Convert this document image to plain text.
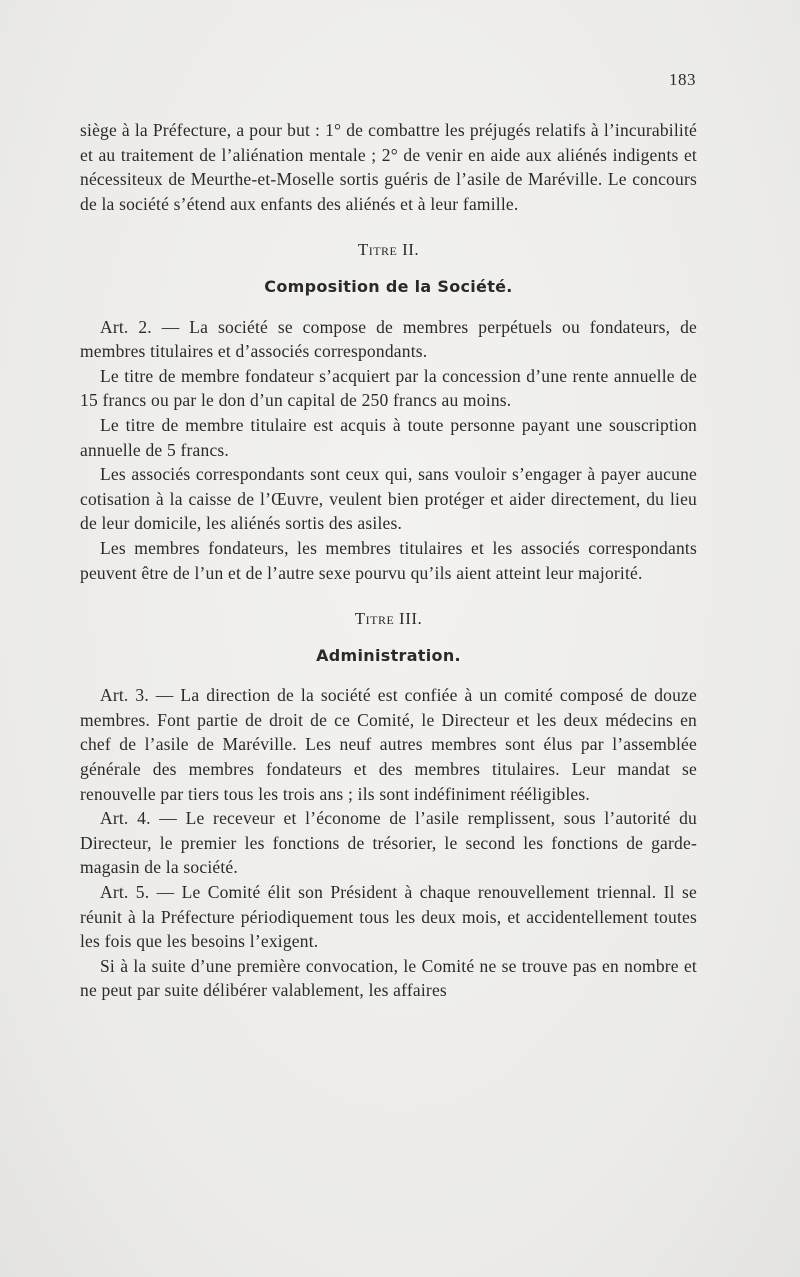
183

siège à la Préfecture, a pour but : 1° de combattre les préjugés relatifs à l’incurabilité et au traitement de l’aliénation mentale ; 2° de venir en aide aux aliénés indigents et nécessiteux de Meurthe-et-Moselle sortis guéris de l’asile de Maréville. Le concours de la société s’étend aux enfants des aliénés et à leur famille.

Titre II.
Composition de la Société.

Art. 2. — La société se compose de membres perpétuels ou fondateurs, de membres titulaires et d’associés correspondants.

Le titre de membre fondateur s’acquiert par la concession d’une rente annuelle de 15 francs ou par le don d’un capital de 250 francs au moins.

Le titre de membre titulaire est acquis à toute personne payant une souscription annuelle de 5 francs.

Les associés correspondants sont ceux qui, sans vouloir s’engager à payer aucune cotisation à la caisse de l’Œuvre, veulent bien protéger et aider directement, du lieu de leur domicile, les aliénés sortis des asiles.

Les membres fondateurs, les membres titulaires et les associés correspondants peuvent être de l’un et de l’autre sexe pourvu qu’ils aient atteint leur majorité.

Titre III.
Administration.

Art. 3. — La direction de la société est confiée à un comité composé de douze membres. Font partie de droit de ce Comité, le Directeur et les deux médecins en chef de l’asile de Maréville. Les neuf autres membres sont élus par l’assemblée générale des membres fondateurs et des membres titulaires. Leur mandat se renouvelle par tiers tous les trois ans ; ils sont indéfiniment rééligibles.

Art. 4. — Le receveur et l’économe de l’asile remplissent, sous l’autorité du Directeur, le premier les fonctions de trésorier, le second les fonctions de garde-magasin de la société.

Art. 5. — Le Comité élit son Président à chaque renouvellement triennal. Il se réunit à la Préfecture périodiquement tous les deux mois, et accidentellement toutes les fois que les besoins l’exigent.

Si à la suite d’une première convocation, le Comité ne se trouve pas en nombre et ne peut par suite délibérer valablement, les affaires
